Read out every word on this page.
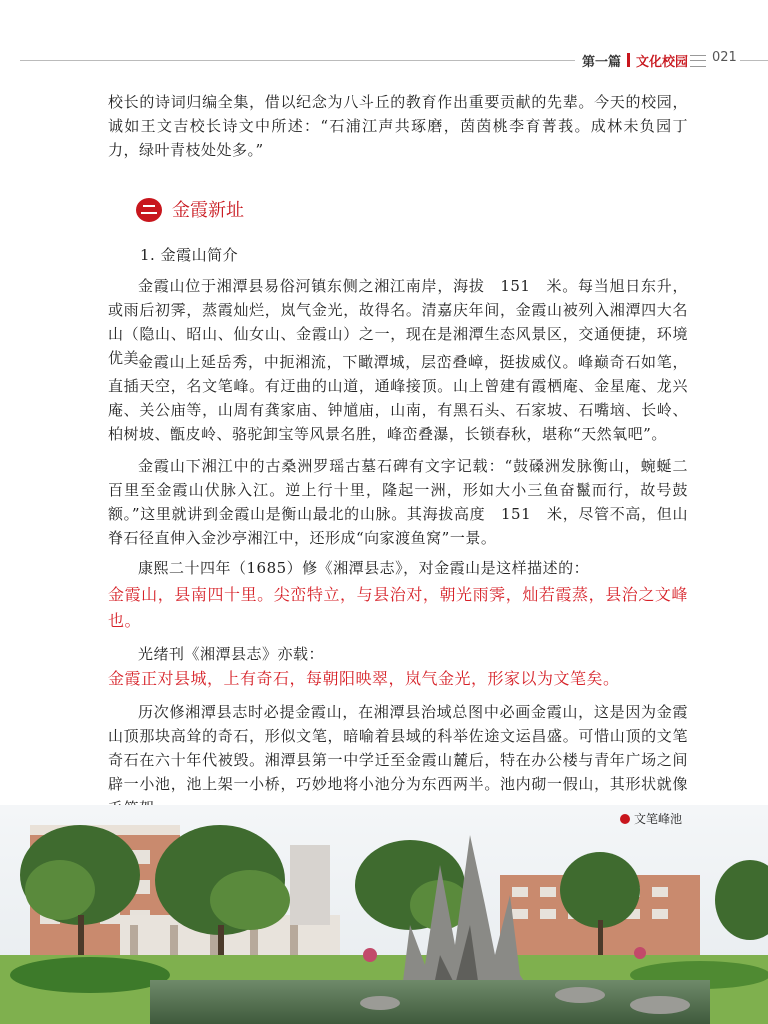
第一篇 文化校园 021

校长的诗词归编全集，借以纪念为八斗丘的教育作出重要贡献的先辈。今天的校园，诚如王文吉校长诗文中所述：“石浦江声共琢磨，茵茵桃李育菁莪。成林未负园丁力，绿叶青枝处处多。”

金霞新址
1. 金霞山简介

金霞山位于湘潭县易俗河镇东侧之湘江南岸，海拔　151　米。每当旭日东升，或雨后初霁，蒸霞灿烂，岚气金光，故得名。清嘉庆年间，金霞山被列入湘潭四大名山（隐山、昭山、仙女山、金霞山）之一，现在是湘潭生态风景区，交通便捷，环境优美。

金霞山上延岳秀，中扼湘流，下瞰潭城，层峦叠嶂，挺拔威仪。峰巅奇石如笔，直插天空，名文笔峰。有迂曲的山道，通峰接顶。山上曾建有霞栖庵、金星庵、龙兴庵、关公庙等，山周有龚家庙、钟馗庙，山南，有黑石头、石家坡、石嘴垴、长岭、柏树坡、甑皮岭、骆驼卸宝等风景名胜，峰峦叠瀑，长锁春秋，堪称“天然氧吧”。

金霞山下湘江中的古桑洲罗瑶古墓石碑有文字记载：“鼓磉洲发脉衡山，蜿蜒二百里至金霞山伏脉入江。逆上行十里，隆起一洲，形如大小三鱼奋鬣而行，故号鼓额。”这里就讲到金霞山是衡山最北的山脉。其海拔高度　151　米，尽管不高，但山脊石径直伸入金沙亭湘江中，还形成“向家渡鱼窝”一景。

康熙二十四年（1685）修《湘潭县志》，对金霞山是这样描述的：

金霞山，县南四十里。尖峦特立，与县治对，朝光雨霁，灿若霞蒸，县治之文峰也。

光绪刊《湘潭县志》亦载：

金霞正对县城，上有奇石，每朝阳映翠，岚气金光，形家以为文笔矣。

历次修湘潭县志时必提金霞山，在湘潭县治域总图中必画金霞山，这是因为金霞山顶那块高耸的奇石，形似文笔，暗喻着县域的科举佐途文运昌盛。可惜山顶的文笔奇石在六十年代被毁。湘潭县第一中学迁至金霞山麓后，特在办公楼与青年广场之间辟一小池，池上架一小桥，巧妙地将小池分为东西两半。池内砌一假山，其形状就像

文笔峰池
